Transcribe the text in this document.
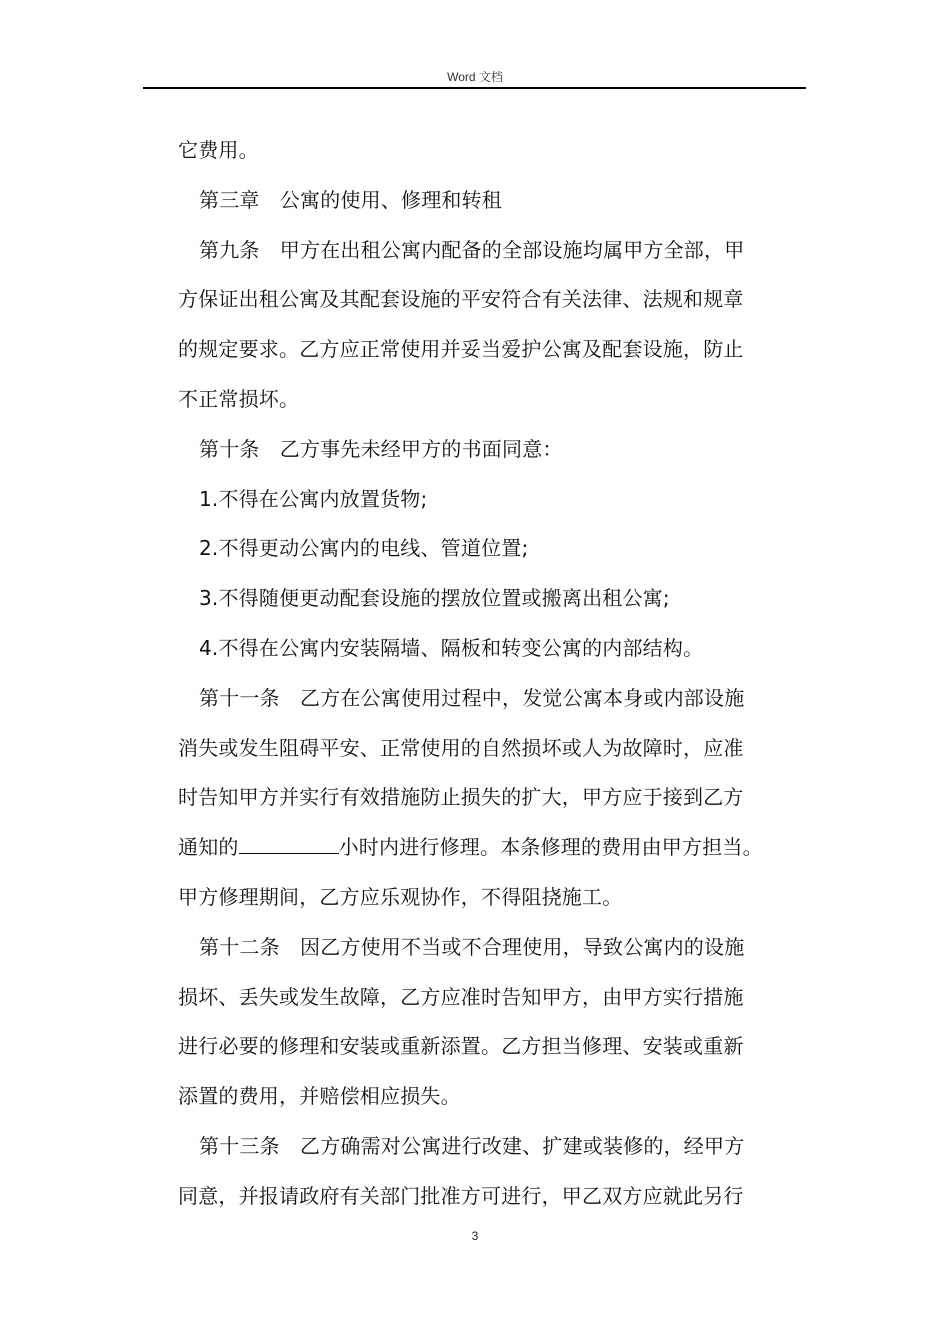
Word 文档
它费用。
第三章　公寓的使用、修理和转租
第九条　甲方在出租公寓内配备的全部设施均属甲方全部，甲
方保证出租公寓及其配套设施的平安符合有关法律、法规和规章
的规定要求。乙方应正常使用并妥当爱护公寓及配套设施，防止
不正常损坏。
第十条　乙方事先未经甲方的书面同意：
1.不得在公寓内放置货物;
2.不得更动公寓内的电线、管道位置;
3.不得随便更动配套设施的摆放位置或搬离出租公寓;
4.不得在公寓内安装隔墙、隔板和转变公寓的内部结构。
第十一条　乙方在公寓使用过程中，发觉公寓本身或内部设施
消失或发生阻碍平安、正常使用的自然损坏或人为故障时，应准
时告知甲方并实行有效措施防止损失的扩大，甲方应于接到乙方
通知的	小时内进行修理。本条修理的费用由甲方担当。
甲方修理期间，乙方应乐观协作，不得阻挠施工。
第十二条　因乙方使用不当或不合理使用，导致公寓内的设施
损坏、丢失或发生故障，乙方应准时告知甲方，由甲方实行措施
进行必要的修理和安装或重新添置。乙方担当修理、安装或重新
添置的费用，并赔偿相应损失。
第十三条　乙方确需对公寓进行改建、扩建或装修的，经甲方
同意，并报请政府有关部门批准方可进行，甲乙双方应就此另行
3
